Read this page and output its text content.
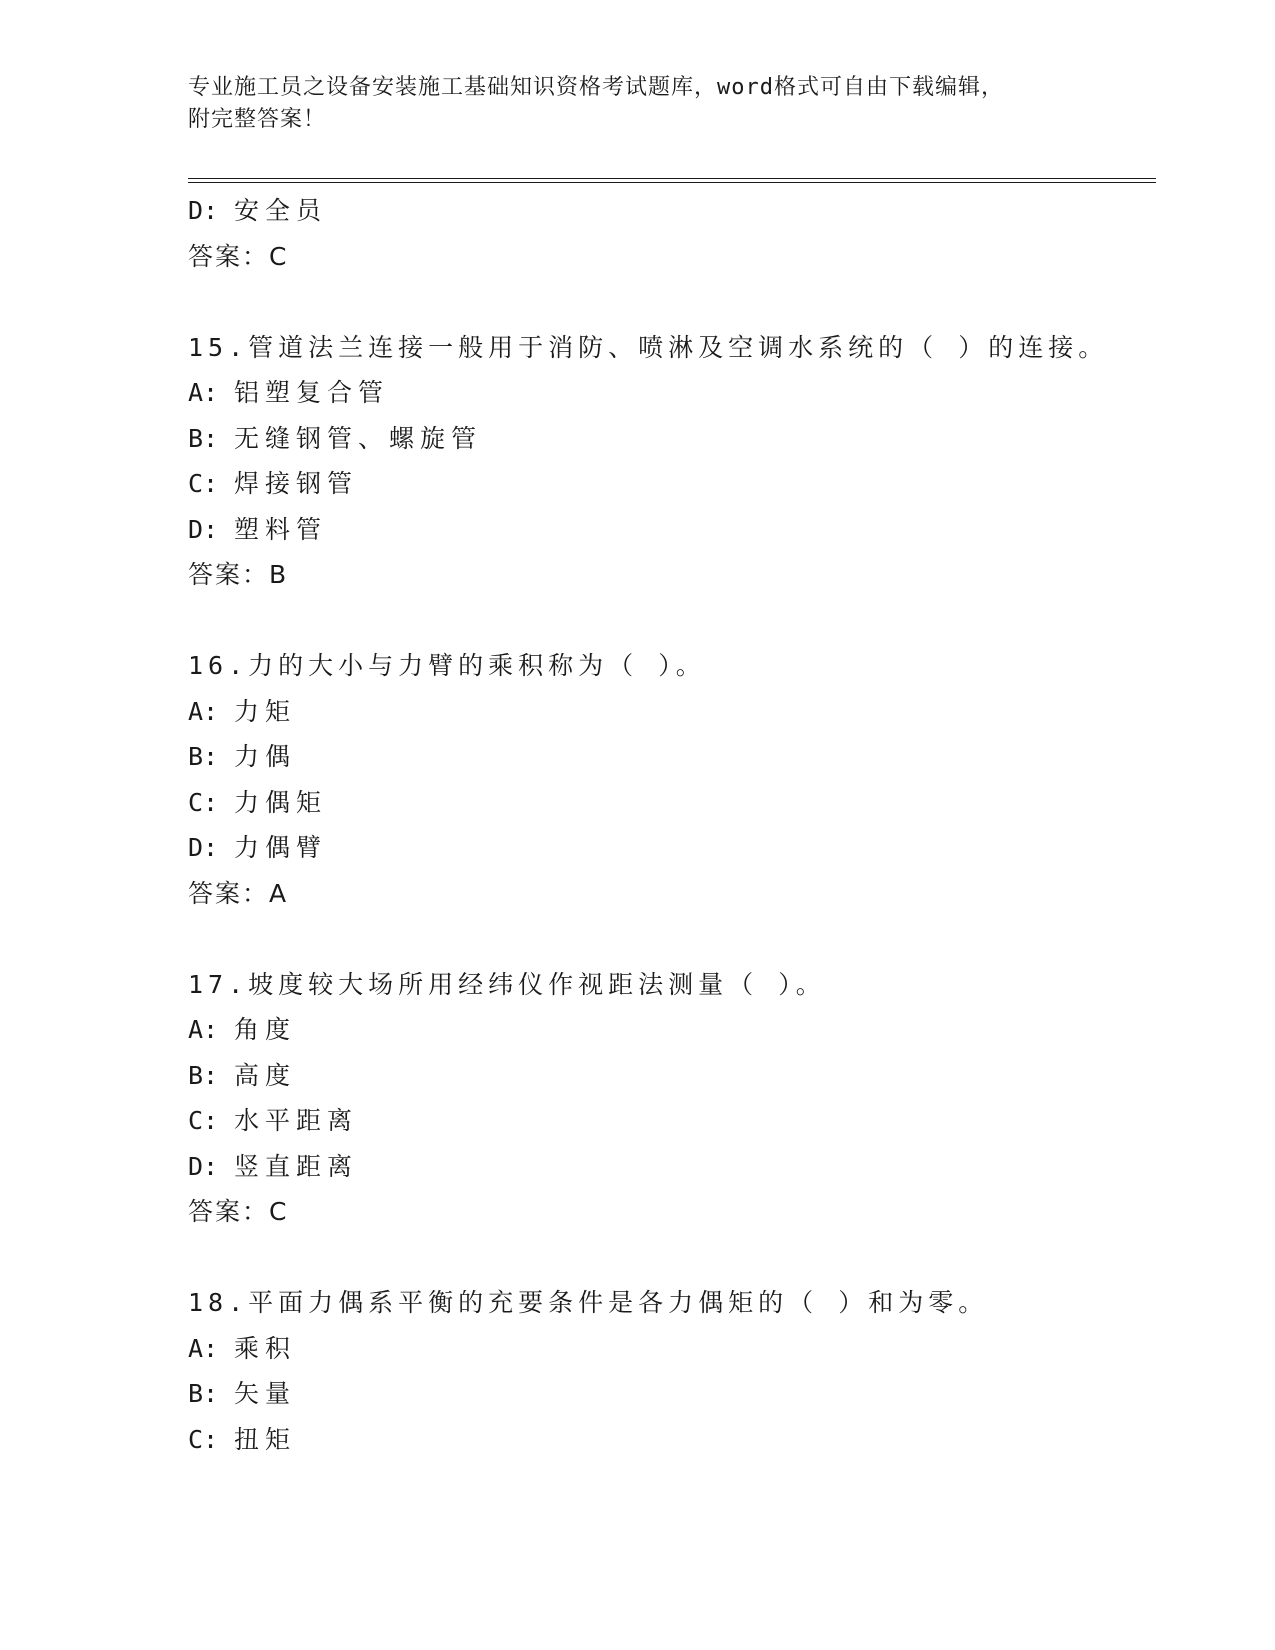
专业施工员之设备安装施工基础知识资格考试题库，word格式可自由下载编辑，
附完整答案！
D: 安全员
答案：C
15.管道法兰连接一般用于消防、喷淋及空调水系统的（ ）的连接。
A: 铝塑复合管
B: 无缝钢管、螺旋管
C: 焊接钢管
D: 塑料管
答案：B
16.力的大小与力臂的乘积称为（ ）。
A: 力矩
B: 力偶
C: 力偶矩
D: 力偶臂
答案：A
17.坡度较大场所用经纬仪作视距法测量（ ）。
A: 角度
B: 高度
C: 水平距离
D: 竖直距离
答案：C
18.平面力偶系平衡的充要条件是各力偶矩的（ ）和为零。
A: 乘积
B: 矢量
C: 扭矩
